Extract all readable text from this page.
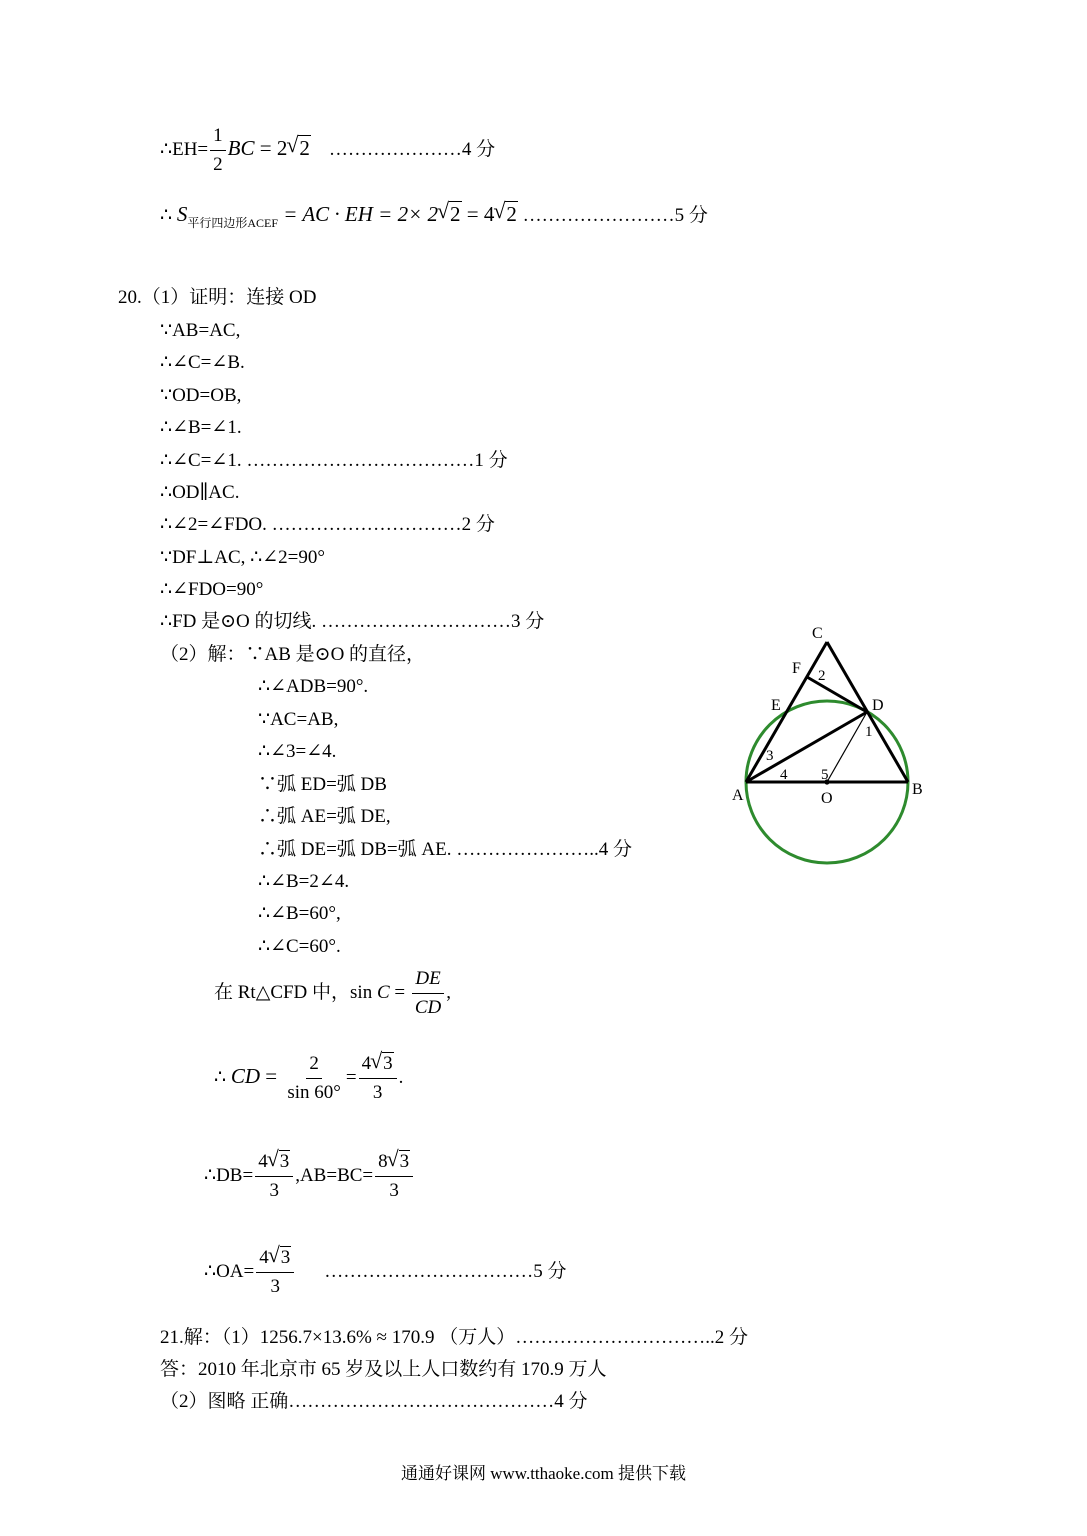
∴EH= $\frac{1}{2}$ BC = 2 √ 2 …………………4 分
∴ $S_{平行四边形ACEF}$ = AC · EH = 2× 2 √ 2 = 4 √ 2 ……………………5 分
20.（1）证明：连接 OD
∵AB=AC,
∴∠C=∠B.
∵OD=OB,
∴∠B=∠1.
∴∠C=∠1. ………………………………1 分
∴OD∥AC.
∴∠2=∠FDO. …………………………2 分
∵DF⊥AC, ∴∠2=90°
∴∠FDO=90°
∴FD 是⊙O 的切线. …………………………3 分
（2）解：∵AB 是⊙O 的直径，
∴∠ADB=90°.
∵AC=AB,
∴∠3=∠4.
∵弧 ED=弧 DB
∴弧 AE=弧 DE,
∴弧 DE=弧 DB=弧 AE. …………………..4 分
∴∠B=2∠4.
∴∠B=60°,
∴∠C=60°.
在 Rt△CFD 中，$\sin C = \frac{DE}{CD}$ ,
∴ CD = $\frac{2}{\sin 60^\circ} = \frac{4 √ 3}{3}$ .
∴DB= $\frac{4 √ 3}{3} ,AB=BC= \frac{8 √ 3}{3}$
∴OA= $\frac{4 √ 3}{3}$ ……………………………5 分
21.解：（1）1256.7×13.6% ≈ 170.9 （万人）…………………………..2 分
答：2010 年北京市 65 岁及以上人口数约有 170.9 万人
（2）图略 正确……………………………………4 分
C
F 2
E	D
1
3
A
4 5
O
B
通通好课网 www.tthaoke.com 提供下载
